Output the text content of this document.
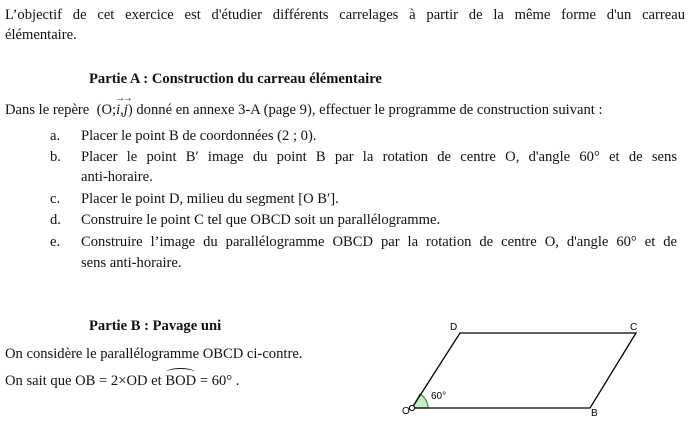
L’objectif de cet exercice est d'étudier différents carrelages à partir de la même forme d'un carreau
élémentaire.
Partie A : Construction du carreau élémentaire
Dans le repère (O;→ i,→ j) donné en annexe 3-A (page 9), effectuer le programme de construction suivant :
a.	Placer le point B de coordonnées (2 ; 0).
b.	Placer le point B′ image du point B par la rotation de centre O, d'angle 60° et de sens
anti-horaire.
c.	Placer le point D, milieu du segment [O B′].
d.	Construire le point C tel que OBCD soit un parallélogramme.
e.	Construire l’image du parallélogramme OBCD par la rotation de centre O, d'angle 60° et de
sens anti-horaire.
Partie B : Pavage uni
On considère le parallélogramme OBCD ci-contre.
On sait que OB = 2×OD et BOD = 60° .
60°
O	B
C
D
